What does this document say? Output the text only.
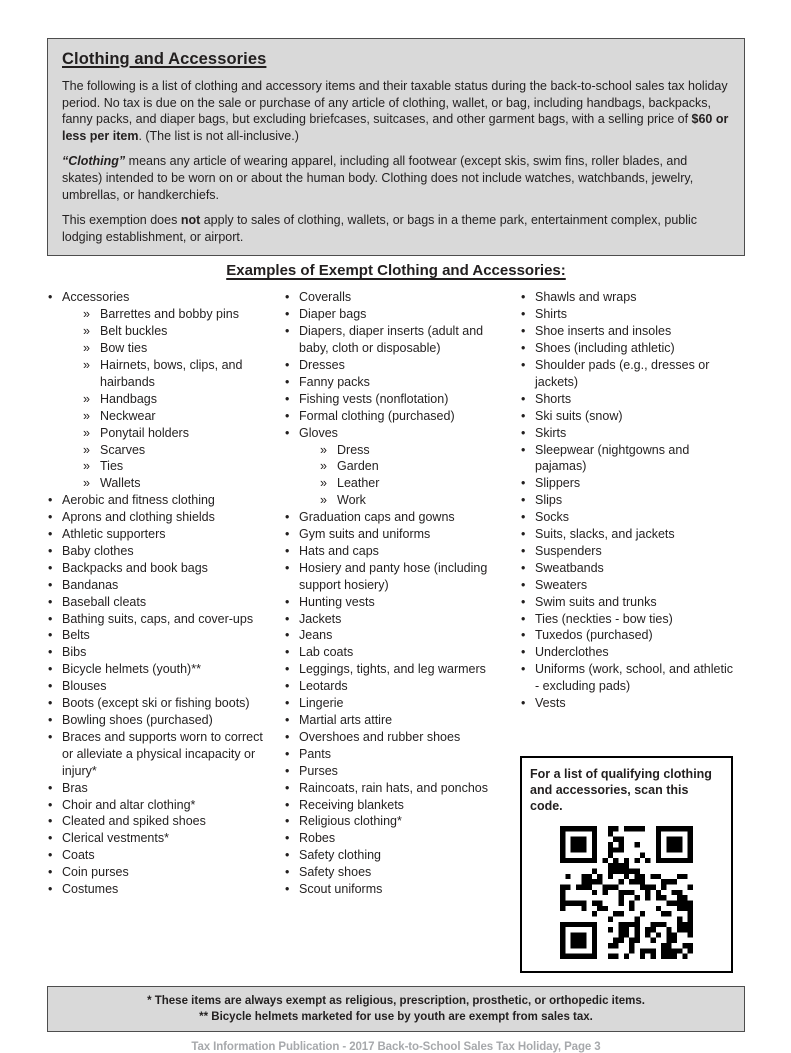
Clothing and Accessories

The following is a list of clothing and accessory items and their taxable status during the back-to-school sales tax holiday period. No tax is due on the sale or purchase of any article of clothing, wallet, or bag, including handbags, backpacks, fanny packs, and diaper bags, but excluding briefcases, suitcases, and other garment bags, with a selling price of $60 or less per item. (The list is not all-inclusive.)

“Clothing” means any article of wearing apparel, including all footwear (except skis, swim fins, roller blades, and skates) intended to be worn on or about the human body. Clothing does not include watches, watchbands, jewelry, umbrellas, or handkerchiefs.

This exemption does not apply to sales of clothing, wallets, or bags in a theme park, entertainment complex, public lodging establishment, or airport.

Examples of Exempt Clothing and Accessories:
• Accessories
» Barrettes and bobby pins
» Belt buckles
» Bow ties
» Hairnets, bows, clips, and hairbands
» Handbags
» Neckwear
» Ponytail holders
» Scarves
» Ties
» Wallets
• Aerobic and fitness clothing
• Aprons and clothing shields
• Athletic supporters
• Baby clothes
• Backpacks and book bags
• Bandanas
• Baseball cleats
• Bathing suits, caps, and cover-ups
• Belts
• Bibs
• Bicycle helmets (youth)**
• Blouses
• Boots (except ski or fishing boots)
• Bowling shoes (purchased)
• Braces and supports worn to correct or alleviate a physical incapacity or injury*
• Bras
• Choir and altar clothing*
• Cleated and spiked shoes
• Clerical vestments*
• Coats
• Coin purses
• Costumes
• Coveralls
• Diaper bags
• Diapers, diaper inserts (adult and baby, cloth or disposable)
• Dresses
• Fanny packs
• Fishing vests (nonflotation)
• Formal clothing (purchased)
• Gloves
» Dress
» Garden
» Leather
» Work
• Graduation caps and gowns
• Gym suits and uniforms
• Hats and caps
• Hosiery and panty hose (including support hosiery)
• Hunting vests
• Jackets
• Jeans
• Lab coats
• Leggings, tights, and leg warmers
• Leotards
• Lingerie
• Martial arts attire
• Overshoes and rubber shoes
• Pants
• Purses
• Raincoats, rain hats, and ponchos
• Receiving blankets
• Religious clothing*
• Robes
• Safety clothing
• Safety shoes
• Scout uniforms
• Shawls and wraps
• Shirts
• Shoe inserts and insoles
• Shoes (including athletic)
• Shoulder pads (e.g., dresses or jackets)
• Shorts
• Ski suits (snow)
• Skirts
• Sleepwear (nightgowns and pajamas)
• Slippers
• Slips
• Socks
• Suits, slacks, and jackets
• Suspenders
• Sweatbands
• Sweaters
• Swim suits and trunks
• Ties (neckties - bow ties)
• Tuxedos (purchased)
• Underclothes
• Uniforms (work, school, and athletic - excluding pads)
• Vests
For a list of qualifying clothing and accessories, scan this code.
* These items are always exempt as religious, prescription, prosthetic, or orthopedic items.
** Bicycle helmets marketed for use by youth are exempt from sales tax.
Tax Information Publication - 2017 Back-to-School Sales Tax Holiday, Page 3
